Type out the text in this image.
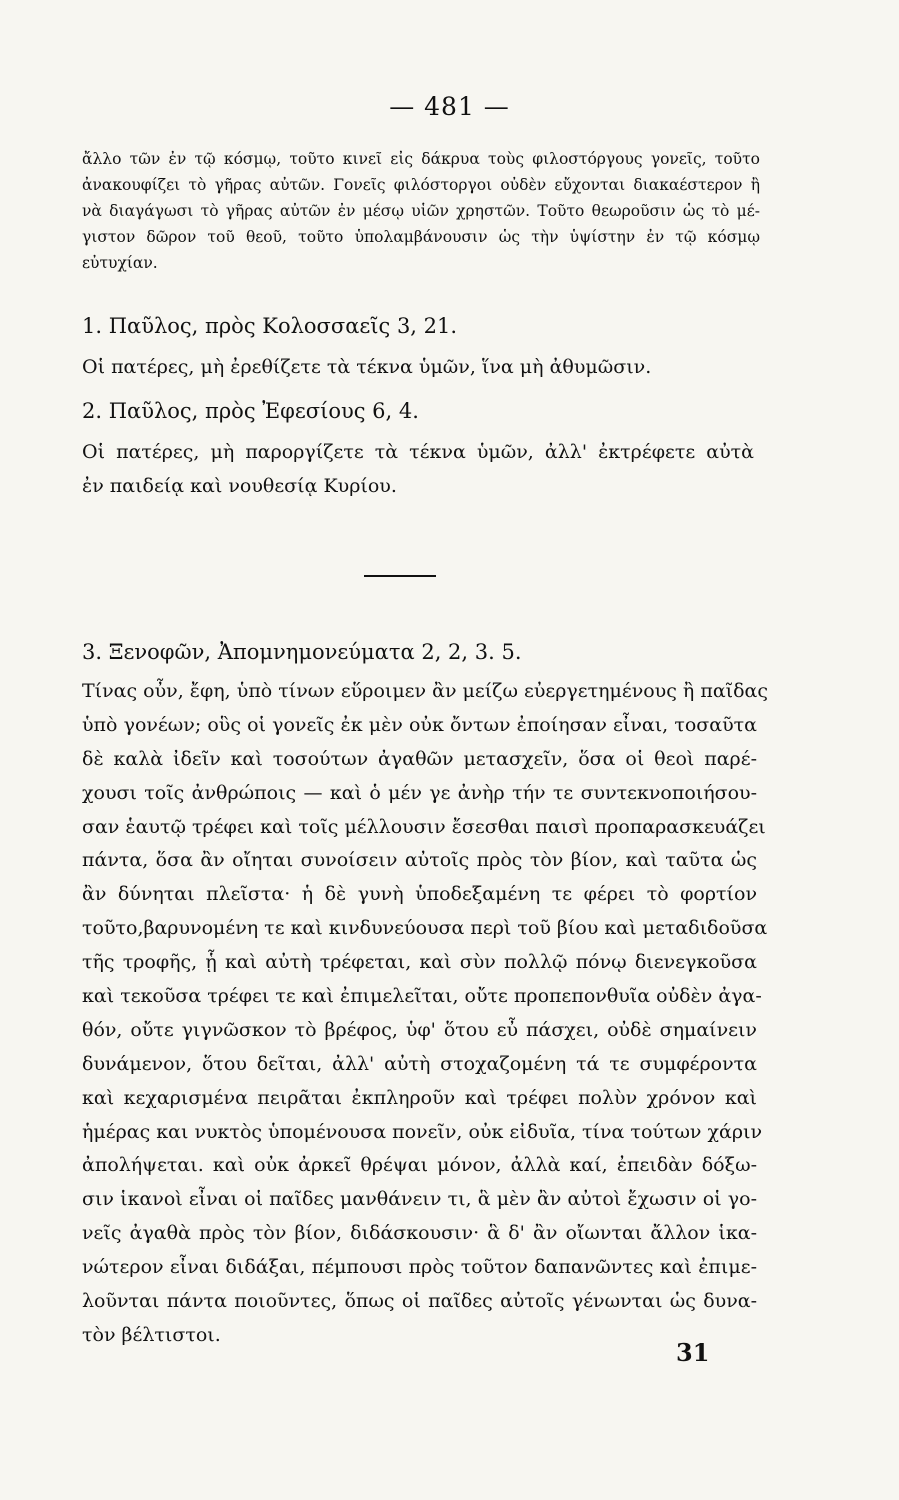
— 481 —
ἄλλο τῶν ἐν τῷ κόσμῳ, τοῦτο κινεῖ εἰς δάκρυα τοὺς φιλοστόργους γονεῖς, τοῦτο
ἀνακουφίζει τὸ γῆρας αὐτῶν. Γονεῖς φιλόστοργοι οὐδὲν εὔχονται διακαέστερον ἢ
νὰ διαγάγωσι τὸ γῆρας αὐτῶν ἐν μέσῳ υἱῶν χρηστῶν. Τοῦτο θεωροῦσιν ὡς τὸ μέ-
γιστον δῶρον τοῦ θεοῦ, τοῦτο ὑπολαμβάνουσιν ὡς τὴν ὑψίστην ἐν τῷ κόσμῳ
εὐτυχίαν.
1. Παῦλος, πρὸς Κολοσσαεῖς 3, 21.
Οἱ πατέρες, μὴ ἐρεθίζετε τὰ τέκνα ὑμῶν, ἵνα μὴ ἀθυμῶσιν.
2. Παῦλος, πρὸς Ἐφεσίους 6, 4.
Οἱ πατέρες, μὴ παροργίζετε τὰ τέκνα ὑμῶν, ἀλλ' ἐκτρέφετε αὐτὰ
ἐν παιδείᾳ καὶ νουθεσίᾳ Κυρίου.
3. Ξενοφῶν, Ἀπομνημονεύματα 2, 2, 3. 5.
Τίνας οὖν, ἔφη, ὑπὸ τίνων εὕροιμεν ἂν μείζω εὐεργετημένους ἢ παῖδας
ὑπὸ γονέων; οὓς οἱ γονεῖς ἐκ μὲν οὐκ ὄντων ἐποίησαν εἶναι, τοσαῦτα
δὲ καλὰ ἰδεῖν καὶ τοσούτων ἀγαθῶν μετασχεῖν, ὅσα οἱ θεοὶ παρέ-
χουσι τοῖς ἀνθρώποις — καὶ ὁ μέν γε ἀνὴρ τήν τε συντεκνοποιήσου-
σαν ἑαυτῷ τρέφει καὶ τοῖς μέλλουσιν ἔσεσθαι παισὶ προπαρασκευάζει
πάντα, ὅσα ἂν οἴηται συνοίσειν αὐτοῖς πρὸς τὸν βίον, καὶ ταῦτα ὡς
ἂν δύνηται πλεῖστα· ἡ δὲ γυνὴ ὑποδεξαμένη τε φέρει τὸ φορτίον
τοῦτο,βαρυνομένη τε καὶ κινδυνεύουσα περὶ τοῦ βίου καὶ μεταδιδοῦσα
τῆς τροφῆς, ᾗ καὶ αὐτὴ τρέφεται, καὶ σὺν πολλῷ πόνῳ διενεγκοῦσα
καὶ τεκοῦσα τρέφει τε καὶ ἐπιμελεῖται, οὔτε προπεπονθυῖα οὐδὲν ἀγα-
θόν, οὔτε γιγνῶσκον τὸ βρέφος, ὑφ' ὅτου εὖ πάσχει, οὐδὲ σημαίνειν
δυνάμενον, ὅτου δεῖται, ἀλλ' αὐτὴ στοχαζομένη τά τε συμφέροντα
καὶ κεχαρισμένα πειρᾶται ἐκπληροῦν καὶ τρέφει πολὺν χρόνον καὶ
ἡμέρας και νυκτὸς ὑπομένουσα πονεῖν, οὐκ εἰδυῖα, τίνα τούτων χάριν
ἀπολήψεται. καὶ οὐκ ἀρκεῖ θρέψαι μόνον, ἀλλὰ καί, ἐπειδὰν δόξω-
σιν ἱκανοὶ εἶναι οἱ παῖδες μανθάνειν τι, ἃ μὲν ἂν αὐτοὶ ἔχωσιν οἱ γο-
νεῖς ἀγαθὰ πρὸς τὸν βίον, διδάσκουσιν· ἃ δ' ἂν οἴωνται ἄλλον ἱκα-
νώτερον εἶναι διδάξαι, πέμπουσι πρὸς τοῦτον δαπανῶντες καὶ ἐπιμε-
λοῦνται πάντα ποιοῦντες, ὅπως οἱ παῖδες αὐτοῖς γένωνται ὡς δυνα-
τὸν βέλτιστοι.
31
